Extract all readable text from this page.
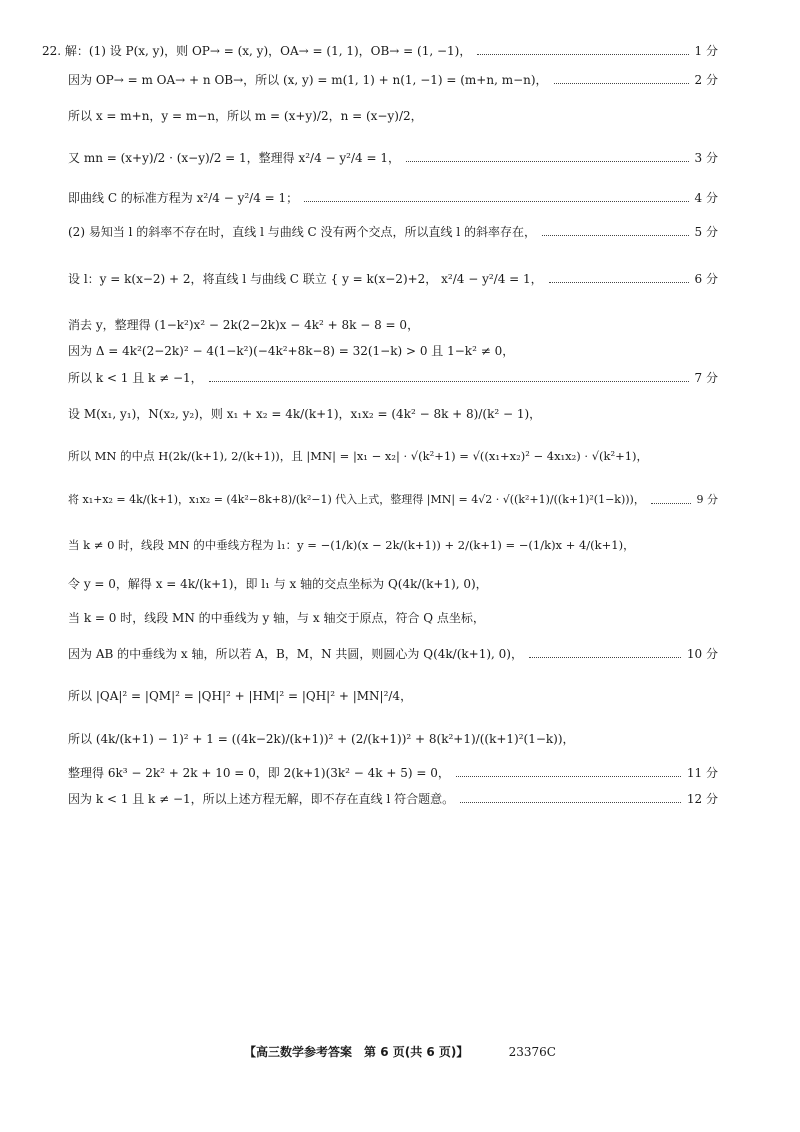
22. 解：(1) 设 P(x, y)，则 OP→ = (x, y)，OA→ = (1, 1)，OB→ = (1, −1)，	1 分
因为 OP→ = m OA→ + n OB→，所以 (x, y) = m(1, 1) + n(1, −1) = (m+n, m−n)，	2 分
所以 x = m+n，y = m−n，所以 m = (x+y)/2，n = (x−y)/2，
又 mn = (x+y)/2 · (x−y)/2 = 1，整理得 x²/4 − y²/4 = 1，	3 分
即曲线 C 的标准方程为 x²/4 − y²/4 = 1；	4 分
(2) 易知当 l 的斜率不存在时，直线 l 与曲线 C 没有两个交点，所以直线 l 的斜率存在，	5 分
设 l：y = k(x−2) + 2，将直线 l 与曲线 C 联立 { y = k(x−2)+2， x²/4 − y²/4 = 1，	6 分
消去 y，整理得 (1−k²)x² − 2k(2−2k)x − 4k² + 8k − 8 = 0，
因为 Δ = 4k²(2−2k)² − 4(1−k²)(−4k²+8k−8) = 32(1−k) > 0 且 1−k² ≠ 0，
所以 k < 1 且 k ≠ −1，	7 分
设 M(x₁, y₁)，N(x₂, y₂)，则 x₁ + x₂ = 4k/(k+1)，x₁x₂ = (4k² − 8k + 8)/(k² − 1)，
所以 MN 的中点 H(2k/(k+1), 2/(k+1))，且 |MN| = |x₁ − x₂| · √(k²+1) = √((x₁+x₂)² − 4x₁x₂) · √(k²+1)，
将 x₁+x₂ = 4k/(k+1)，x₁x₂ = (4k²−8k+8)/(k²−1) 代入上式，整理得 |MN| = 4√2 · √((k²+1)/((k+1)²(1−k)))，	9 分
当 k ≠ 0 时，线段 MN 的中垂线方程为 l₁：y = −(1/k)(x − 2k/(k+1)) + 2/(k+1) = −(1/k)x + 4/(k+1)，
令 y = 0，解得 x = 4k/(k+1)，即 l₁ 与 x 轴的交点坐标为 Q(4k/(k+1), 0)，
当 k = 0 时，线段 MN 的中垂线为 y 轴，与 x 轴交于原点，符合 Q 点坐标，
因为 AB 的中垂线为 x 轴，所以若 A，B，M，N 共圆，则圆心为 Q(4k/(k+1), 0)，	10 分
所以 |QA|² = |QM|² = |QH|² + |HM|² = |QH|² + |MN|²/4，
所以 (4k/(k+1) − 1)² + 1 = ((4k−2k)/(k+1))² + (2/(k+1))² + 8(k²+1)/((k+1)²(1−k))，
整理得 6k³ − 2k² + 2k + 10 = 0，即 2(k+1)(3k² − 4k + 5) = 0，	11 分
因为 k < 1 且 k ≠ −1，所以上述方程无解，即不存在直线 l 符合题意。	12 分
【高三数学参考答案　第 6 页(共 6 页)】	23376C
